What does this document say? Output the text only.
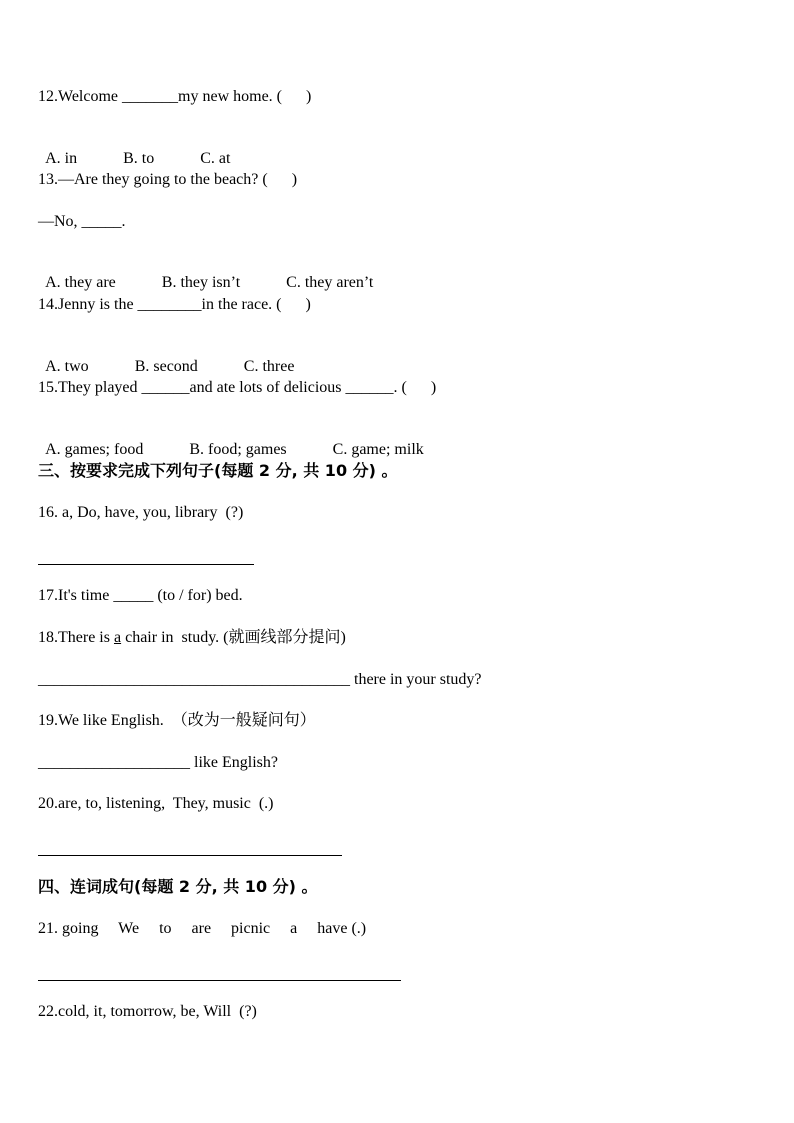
12.Welcome _______my new home. (      )

A. in	B. to	C. at

13.—Are they going to the beach? (      )
—No, _____.

A. they are	B. they isn’t	C. they aren’t

14.Jenny is the ________in the race. (      )

A. two	B. second	C. three

15.They played ______and ate lots of delicious ______. (      )

A. games; food	B. food; games	C. game; milk

三、按要求完成下列句子(每题 2 分, 共 10 分) 。
16. a, Do, have, you, library  (?)
17.It's time _____ (to / for) bed.
18.There is a chair in  study. (就画线部分提问)
_______________________________________ there in your study?
19.We like English.  （改为一般疑问句）
___________________ like English?
20.are, to, listening,  They, music  (.)
四、连词成句(每题 2 分, 共 10 分) 。
21. going     We     to     are     picnic     a     have (.)
22.cold, it, tomorrow, be, Will  (?)
